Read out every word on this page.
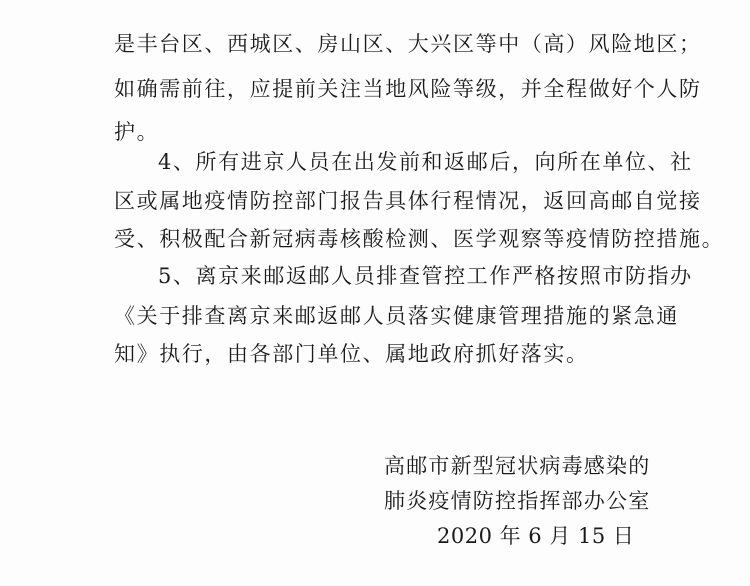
是丰台区、西城区、房山区、大兴区等中（高）风险地区；
如确需前往，应提前关注当地风险等级，并全程做好个人防
护。
4、所有进京人员在出发前和返邮后，向所在单位、社
区或属地疫情防控部门报告具体行程情况，返回高邮自觉接
受、积极配合新冠病毒核酸检测、医学观察等疫情防控措施。
5、离京来邮返邮人员排查管控工作严格按照市防指办
《关于排查离京来邮返邮人员落实健康管理措施的紧急通
知》执行，由各部门单位、属地政府抓好落实。
高邮市新型冠状病毒感染的
肺炎疫情防控指挥部办公室
2020 年 6 月 15 日
